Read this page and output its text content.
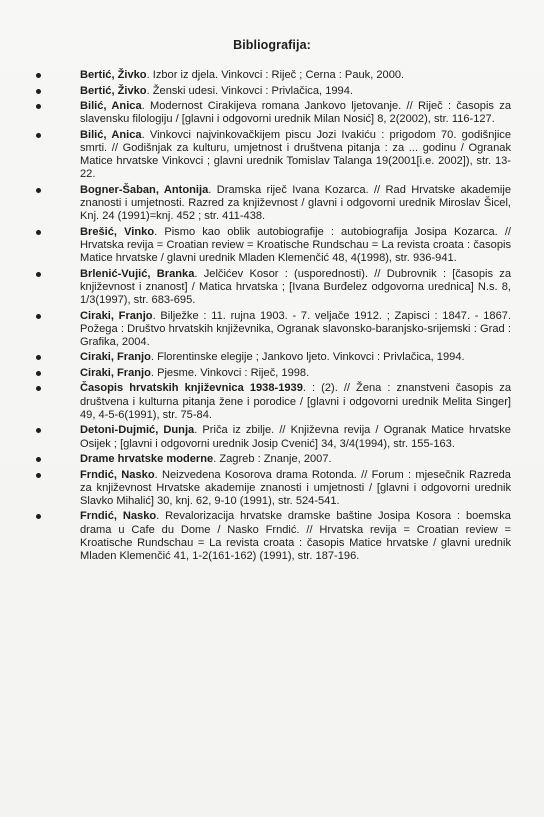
Bibliografija:
Bertić, Živko. Izbor iz djela. Vinkovci : Riječ ; Cerna : Pauk, 2000.
Bertić, Živko. Ženski udesi. Vinkovci : Privlačica, 1994.
Bilić, Anica. Modernost Cirakijeva romana Jankovo ljetovanje. // Riječ : časopis za slavensku filologiju / [glavni i odgovorni urednik Milan Nosić] 8, 2(2002), str. 116-127.
Bilić, Anica. Vinkovci najvinkovačkijem piscu Jozi Ivakiću : prigodom 70. godišnjice smrti. // Godišnjak za kulturu, umjetnost i društvena pitanja : za ... godinu / Ogranak Matice hrvatske Vinkovci ; glavni urednik Tomislav Talanga 19(2001[i.e. 2002]), str. 13-22.
Bogner-Šaban, Antonija. Dramska riječ Ivana Kozarca. // Rad Hrvatske akademije znanosti i umjetnosti. Razred za književnost / glavni i odgovorni urednik Miroslav Šicel, Knj. 24 (1991)=knj. 452 ; str. 411-438.
Brešić, Vinko. Pismo kao oblik autobiografije : autobiografija Josipa Kozarca. // Hrvatska revija = Croatian review = Kroatische Rundschau = La revista croata : časopis Matice hrvatske / glavni urednik Mladen Klemenčić 48, 4(1998), str. 936-941.
Brlenić-Vujić, Branka. Jelčićev Kosor : (usporednosti). // Dubrovnik : [časopis za književnost i znanost] / Matica hrvatska ; [Ivana Burđelez odgovorna urednica] N.s. 8, 1/3(1997), str. 683-695.
Ciraki, Franjo. Bilježke : 11. rujna 1903. - 7. veljače 1912. ; Zapisci : 1847. - 1867. Požega : Društvo hrvatskih književnika, Ogranak slavonsko-baranjsko-srijemski : Grad : Grafika, 2004.
Ciraki, Franjo. Florentinske elegije ; Jankovo ljeto. Vinkovci : Privlačica, 1994.
Ciraki, Franjo. Pjesme. Vinkovci : Riječ, 1998.
Časopis hrvatskih književnica 1938-1939. : (2). // Žena : znanstveni časopis za društvena i kulturna pitanja žene i porodice / [glavni i odgovorni urednik Melita Singer] 49, 4-5-6(1991), str. 75-84.
Detoni-Dujmić, Dunja. Priča iz zbilje. // Književna revija / Ogranak Matice hrvatske Osijek ; [glavni i odgovorni urednik Josip Cvenić] 34, 3/4(1994), str. 155-163.
Drame hrvatske moderne. Zagreb : Znanje, 2007.
Frndić, Nasko. Neizvedena Kosorova drama Rotonda. // Forum : mjesečnik Razreda za književnost Hrvatske akademije znanosti i umjetnosti / [glavni i odgovorni urednik Slavko Mihalić] 30, knj. 62, 9-10 (1991), str. 524-541.
Frndić, Nasko. Revalorizacija hrvatske dramske baštine Josipa Kosora : boemska drama u Cafe du Dome / Nasko Frndić. // Hrvatska revija = Croatian review = Kroatische Rundschau = La revista croata : časopis Matice hrvatske / glavni urednik Mladen Klemenčić 41, 1-2(161-162) (1991), str. 187-196.
